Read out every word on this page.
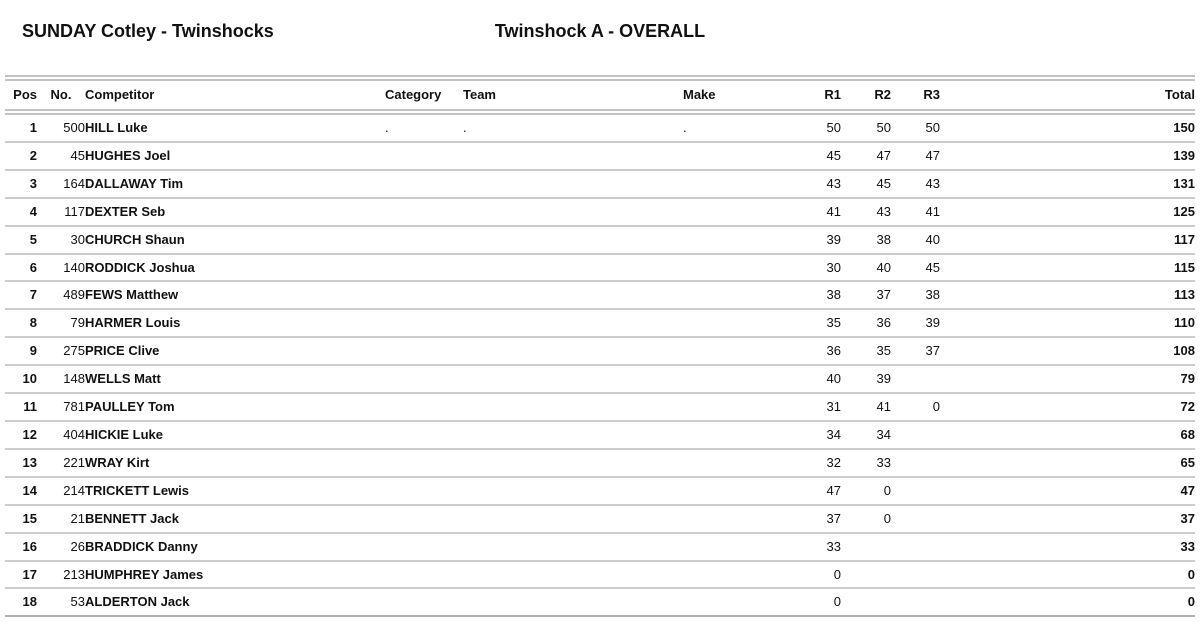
SUNDAY Cotley - Twinshocks	Twinshock A - OVERALL
Pos	No.	Competitor	Category	Team	Make	R1	R2	R3	Total
1	500	HILL Luke	.	.	.	50	50	50	150
2	45	HUGHES Joel				45	47	47	139
3	164	DALLAWAY Tim				43	45	43	131
4	117	DEXTER Seb				41	43	41	125
5	30	CHURCH Shaun				39	38	40	117
6	140	RODDICK Joshua				30	40	45	115
7	489	FEWS Matthew				38	37	38	113
8	79	HARMER Louis				35	36	39	110
9	275	PRICE Clive				36	35	37	108
10	148	WELLS Matt				40	39		79
11	781	PAULLEY Tom				31	41	0	72
12	404	HICKIE Luke				34	34		68
13	221	WRAY Kirt				32	33		65
14	214	TRICKETT Lewis				47	0		47
15	21	BENNETT Jack				37	0		37
16	26	BRADDICK Danny				33			33
17	213	HUMPHREY James				0			0
18	53	ALDERTON Jack				0			0
